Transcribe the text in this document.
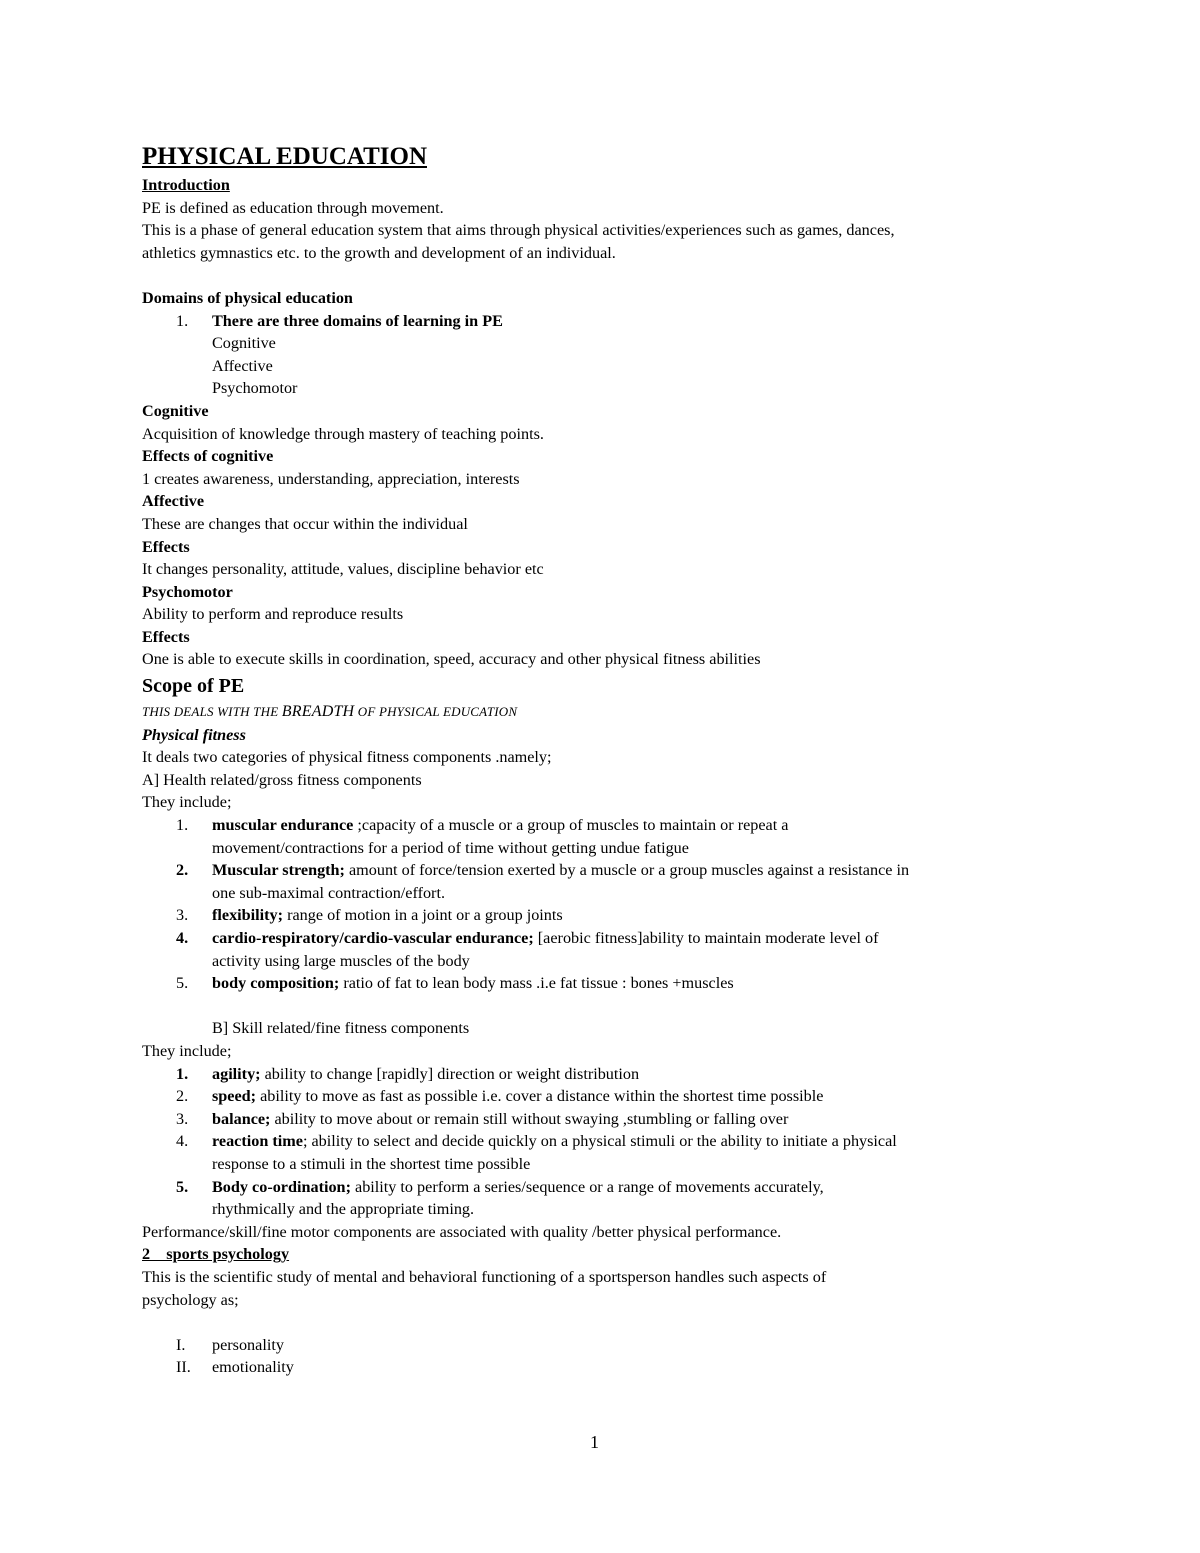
PHYSICAL EDUCATION

Introduction

PE is defined as education through movement.

This is a phase of general education system that aims through physical activities/experiences such as games, dances,

athletics gymnastics etc. to the growth and development of an individual.

Domains of physical education

1.	There are three domains of learning in PE

Cognitive

Affective

Psychomotor

Cognitive

Acquisition of knowledge through mastery of teaching points.

Effects of cognitive

1 creates awareness, understanding, appreciation, interests

Affective

These are changes that occur within the individual

Effects

It changes personality, attitude, values, discipline behavior etc

Psychomotor

Ability to perform and reproduce results

Effects

One is able to execute skills in coordination, speed, accuracy and other physical fitness abilities

Scope of PE

THIS DEALS WITH THE BREADTH OF PHYSICAL EDUCATION

Physical fitness

It deals two categories of physical fitness components .namely;

A] Health related/gross fitness components

They include;

1.	muscular endurance ;capacity of a muscle or a group of muscles to maintain or repeat a
movement/contractions for a period of time without getting undue fatigue
2.	Muscular strength; amount of force/tension exerted by a muscle or a group muscles against a resistance in
one sub-maximal contraction/effort.
3.	flexibility; range of motion in a joint or a group joints
4.	cardio-respiratory/cardio-vascular endurance; [aerobic fitness]ability to maintain moderate level of
activity using large muscles of the body
5.	body composition; ratio of fat to lean body mass .i.e fat tissue : bones +muscles

B] Skill related/fine fitness components

They include;

1.	agility; ability to change [rapidly] direction or weight distribution
2.	speed; ability to move as fast as possible i.e. cover a distance within the shortest time possible
3.	balance; ability to move about or remain still without swaying ,stumbling or falling over
4.	reaction time; ability to select and decide quickly on a physical stimuli or the ability to initiate a physical
response to a stimuli in the shortest time possible
5.	Body co-ordination; ability to perform a series/sequence or a range of movements accurately,
rhythmically and the appropriate timing.

Performance/skill/fine motor components are associated with quality /better physical performance.

2    sports psychology

This is the scientific study of mental and behavioral functioning of a sportsperson handles such aspects of

psychology as;

I.	personality
II.	emotionality
1
